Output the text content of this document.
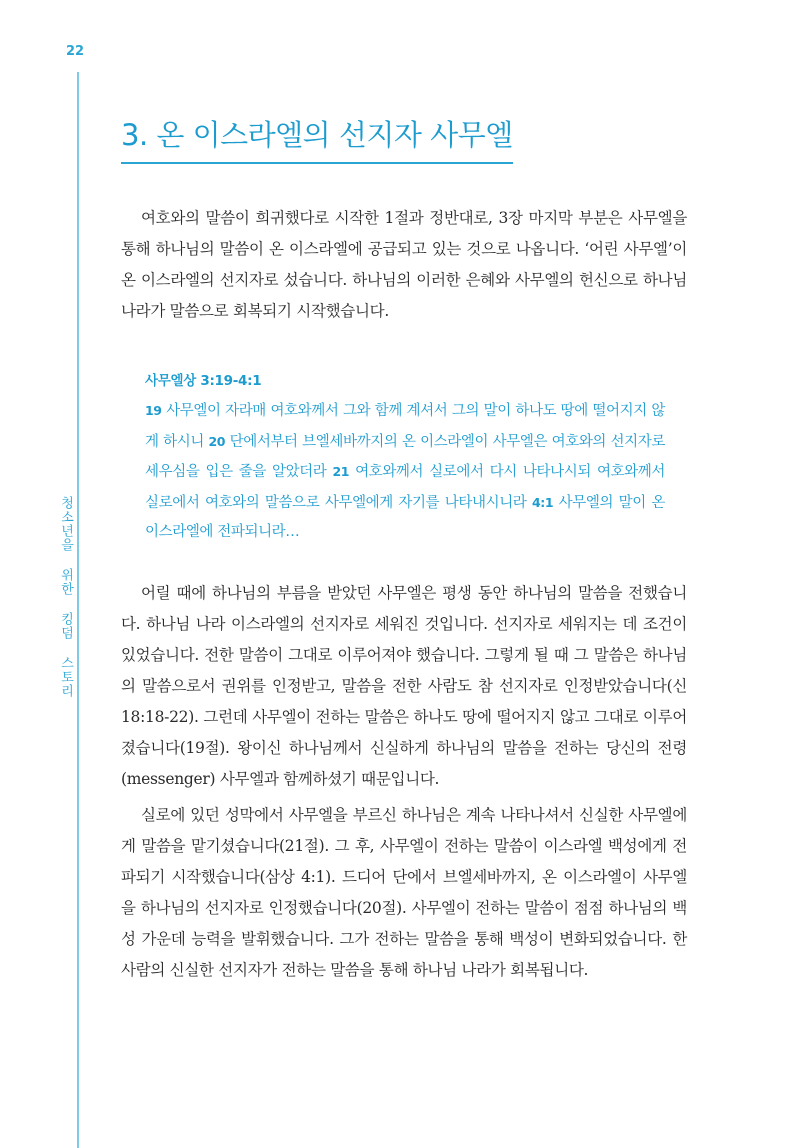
22
청소년을 위한 킹덤 스토리
3. 온 이스라엘의 선지자 사무엘

여호와의 말씀이 희귀했다로 시작한 1절과 정반대로, 3장 마지막 부분은 사무엘을 통해 하나님의 말씀이 온 이스라엘에 공급되고 있는 것으로 나옵니다. ‘어린 사무엘’이 온 이스라엘의 선지자로 섰습니다. 하나님의 이러한 은혜와 사무엘의 헌신으로 하나님 나라가 말씀으로 회복되기 시작했습니다.

사무엘상 3:19-4:1

19 사무엘이 자라매 여호와께서 그와 함께 계셔서 그의 말이 하나도 땅에 떨어지지 않게 하시니 20 단에서부터 브엘세바까지의 온 이스라엘이 사무엘은 여호와의 선지자로 세우심을 입은 줄을 알았더라 21 여호와께서 실로에서 다시 나타나시되 여호와께서 실로에서 여호와의 말씀으로 사무엘에게 자기를 나타내시니라 4:1 사무엘의 말이 온 이스라엘에 전파되니라…

어릴 때에 하나님의 부름을 받았던 사무엘은 평생 동안 하나님의 말씀을 전했습니다. 하나님 나라 이스라엘의 선지자로 세워진 것입니다. 선지자로 세워지는 데 조건이 있었습니다. 전한 말씀이 그대로 이루어져야 했습니다. 그렇게 될 때 그 말씀은 하나님의 말씀으로서 권위를 인정받고, 말씀을 전한 사람도 참 선지자로 인정받았습니다(신 18:18-22). 그런데 사무엘이 전하는 말씀은 하나도 땅에 떨어지지 않고 그대로 이루어졌습니다(19절). 왕이신 하나님께서 신실하게 하나님의 말씀을 전하는 당신의 전령(messenger) 사무엘과 함께하셨기 때문입니다.

실로에 있던 성막에서 사무엘을 부르신 하나님은 계속 나타나셔서 신실한 사무엘에게 말씀을 맡기셨습니다(21절). 그 후, 사무엘이 전하는 말씀이 이스라엘 백성에게 전파되기 시작했습니다(삼상 4:1). 드디어 단에서 브엘세바까지, 온 이스라엘이 사무엘을 하나님의 선지자로 인정했습니다(20절). 사무엘이 전하는 말씀이 점점 하나님의 백성 가운데 능력을 발휘했습니다. 그가 전하는 말씀을 통해 백성이 변화되었습니다. 한 사람의 신실한 선지자가 전하는 말씀을 통해 하나님 나라가 회복됩니다.
